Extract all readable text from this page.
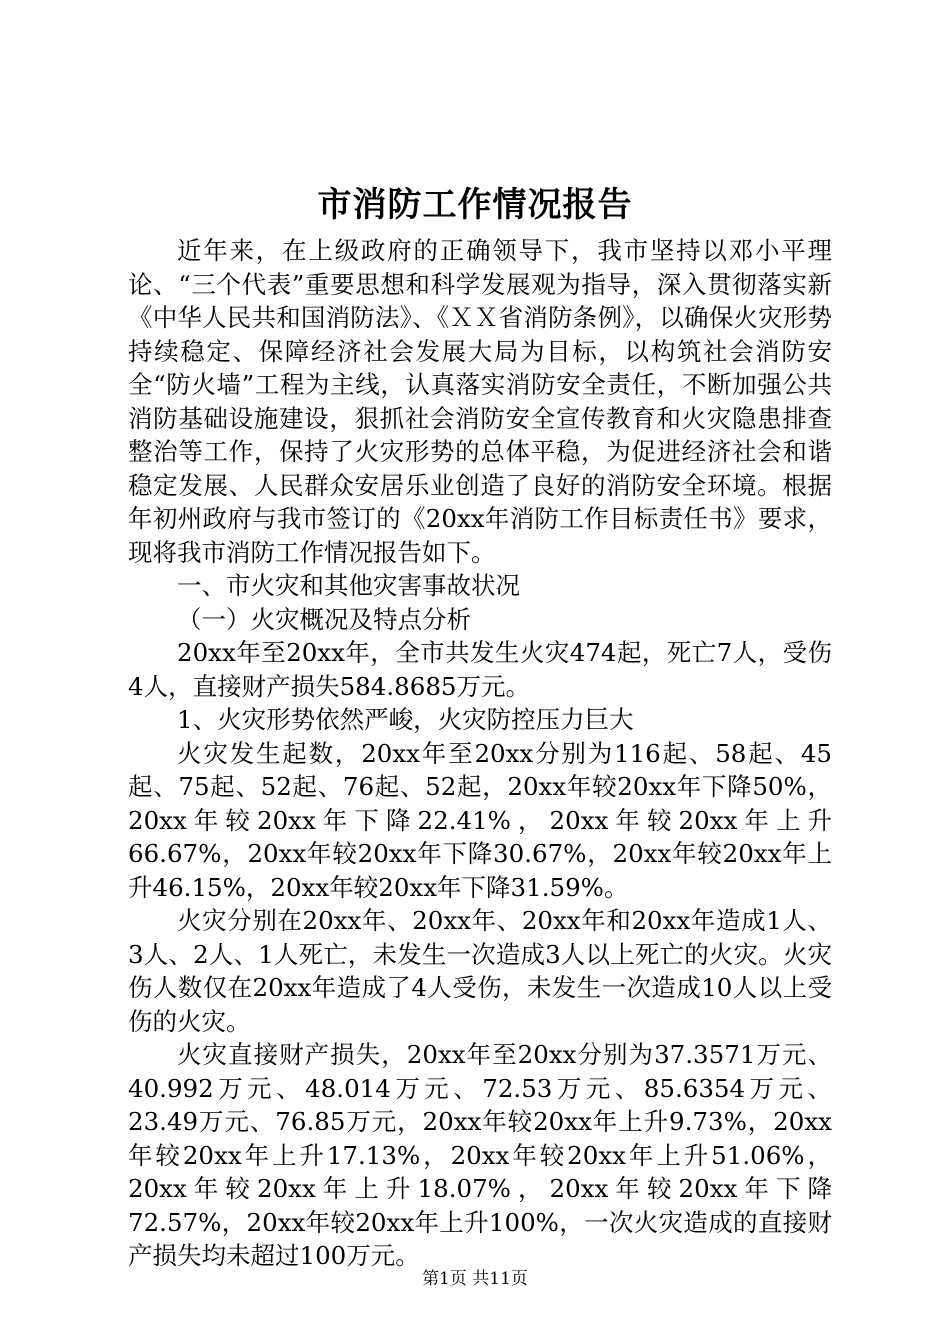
市消防工作情况报告

近年来，在上级政府的正确领导下，我市坚持以邓小平理论、“三个代表”重要思想和科学发展观为指导，深入贯彻落实新《中华人民共和国消防法》、《ＸＸ省消防条例》，以确保火灾形势持续稳定、保障经济社会发展大局为目标，以构筑社会消防安全“防火墙”工程为主线，认真落实消防安全责任，不断加强公共消防基础设施建设，狠抓社会消防安全宣传教育和火灾隐患排查整治等工作，保持了火灾形势的总体平稳，为促进经济社会和谐稳定发展、人民群众安居乐业创造了良好的消防安全环境。根据年初州政府与我市签订的《20xx年消防工作目标责任书》要求，现将我市消防工作情况报告如下。

一、市火灾和其他灾害事故状况

（一）火灾概况及特点分析

20xx年至20xx年，全市共发生火灾474起，死亡7人，受伤4人，直接财产损失584.8685万元。

1、火灾形势依然严峻，火灾防控压力巨大

火灾发生起数，20xx年至20xx分别为116起、58起、45起、75起、52起、76起、52起，20xx年较20xx年下降50%，20xx年较20xx年下降22.41%，20xx年较20xx年上升66.67%，20xx年较20xx年下降30.67%，20xx年较20xx年上升46.15%，20xx年较20xx年下降31.59%。

火灾分别在20xx年、20xx年、20xx年和20xx年造成1人、3人、2人、1人死亡，未发生一次造成3人以上死亡的火灾。火灾伤人数仅在20xx年造成了4人受伤，未发生一次造成10人以上受伤的火灾。

火灾直接财产损失，20xx年至20xx分别为37.3571万元、40.992万元、48.014万元、72.53万元、85.6354万元、23.49万元、76.85万元，20xx年较20xx年上升9.73%，20xx年较20xx年上升17.13%，20xx年较20xx年上升51.06%，20xx年较20xx年上升18.07%，20xx年较20xx年下降72.57%，20xx年较20xx年上升100%，一次火灾造成的直接财产损失均未超过100万元。

第1页 共11页
